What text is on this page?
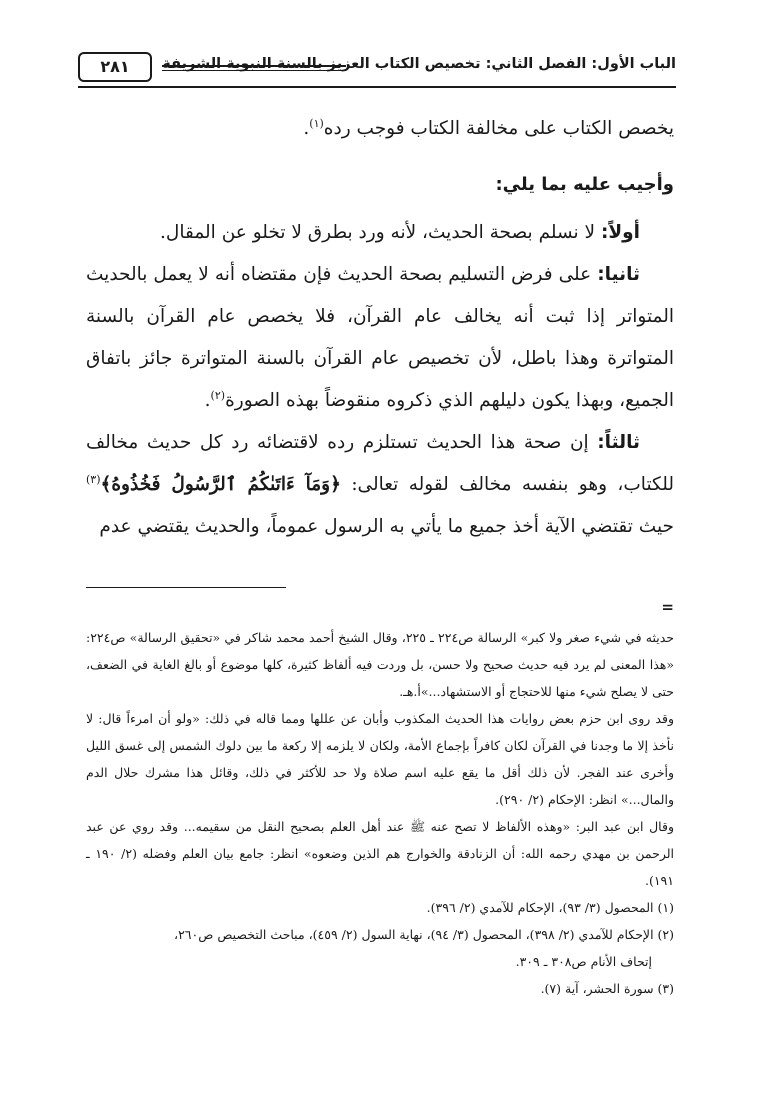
الباب الأول: الفصل الثاني: تخصيص الكتاب العزيز بالسنة النبوية الشريفة
٢٨١

يخصص الكتاب على مخالفة الكتاب فوجب رده$^{(١)}$.

وأجيب عليه بما يلي:

أولاً: لا نسلم بصحة الحديث، لأنه ورد بطرق لا تخلو عن المقال.

ثانيا: على فرض التسليم بصحة الحديث فإن مقتضاه أنه لا يعمل بالحديث المتواتر إذا ثبت أنه يخالف عام القرآن، فلا يخصص عام القرآن بالسنة المتواترة وهذا باطل، لأن تخصيص عام القرآن بالسنة المتواترة جائز باتفاق الجميع، وبهذا يكون دليلهم الذي ذكروه منقوضاً بهذه الصورة$^{(٢)}$.

ثالثاً: إن صحة هذا الحديث تستلزم رده لاقتضائه رد كل حديث مخالف للكتاب، وهو بنفسه مخالف لقوله تعالى: ﴿وَمَآ ءَاتَىٰكُمُ ٱلرَّسُولُ فَخُذُوهُ﴾$^{(٣)}$ حيث تقتضي الآية أخذ جميع ما يأتي به الرسول عموماً، والحديث يقتضي عدم

=

حديثه في شيء صغر ولا كبر» الرسالة ص٢٢٤ ـ ٢٢٥، وقال الشيخ أحمد محمد شاكر في «تحقيق الرسالة» ص٢٢٤: «هذا المعنى لم يرد فيه حديث صحيح ولا حسن، بل وردت فيه ألفاظ كثيرة، كلها موضوع أو بالغ الغاية في الضعف، حتى لا يصلح شيء منها للاحتجاج أو الاستشهاد...»أ.هـ.

وقد روى ابن حزم بعض روايات هذا الحديث المكذوب وأبان عن عللها ومما قاله في ذلك: «ولو أن امرءاً قال: لا نأخذ إلا ما وجدنا في القرآن لكان كافراً بإجماع الأمة، ولكان لا يلزمه إلا ركعة ما بين دلوك الشمس إلى غسق الليل وأخرى عند الفجر. لأن ذلك أقل ما يقع عليه اسم صلاة ولا حد للأكثر في ذلك، وقائل هذا مشرك حلال الدم والمال...» انظر: الإحكام (٢/ ٢٩٠).

وقال ابن عبد البر: «وهذه الألفاظ لا تصح عنه ﷺ عند أهل العلم بصحيح النقل من سقيمه... وقد روي عن عبد الرحمن بن مهدي رحمه الله: أن الزنادقة والخوارج هم الذين وضعوه» انظر: جامع بيان العلم وفضله (٢/ ١٩٠ ـ ١٩١).

(١) المحصول (٣/ ٩٣)، الإحكام للآمدي (٢/ ٣٩٦).

(٢) الإحكام للآمدي (٢/ ٣٩٨)، المحصول (٣/ ٩٤)، نهاية السول (٢/ ٤٥٩)، مباحث التخصيص ص٢٦٠،
إتحاف الأنام ص٣٠٨ ـ ٣٠٩.

(٣) سورة الحشر، آية (٧).
